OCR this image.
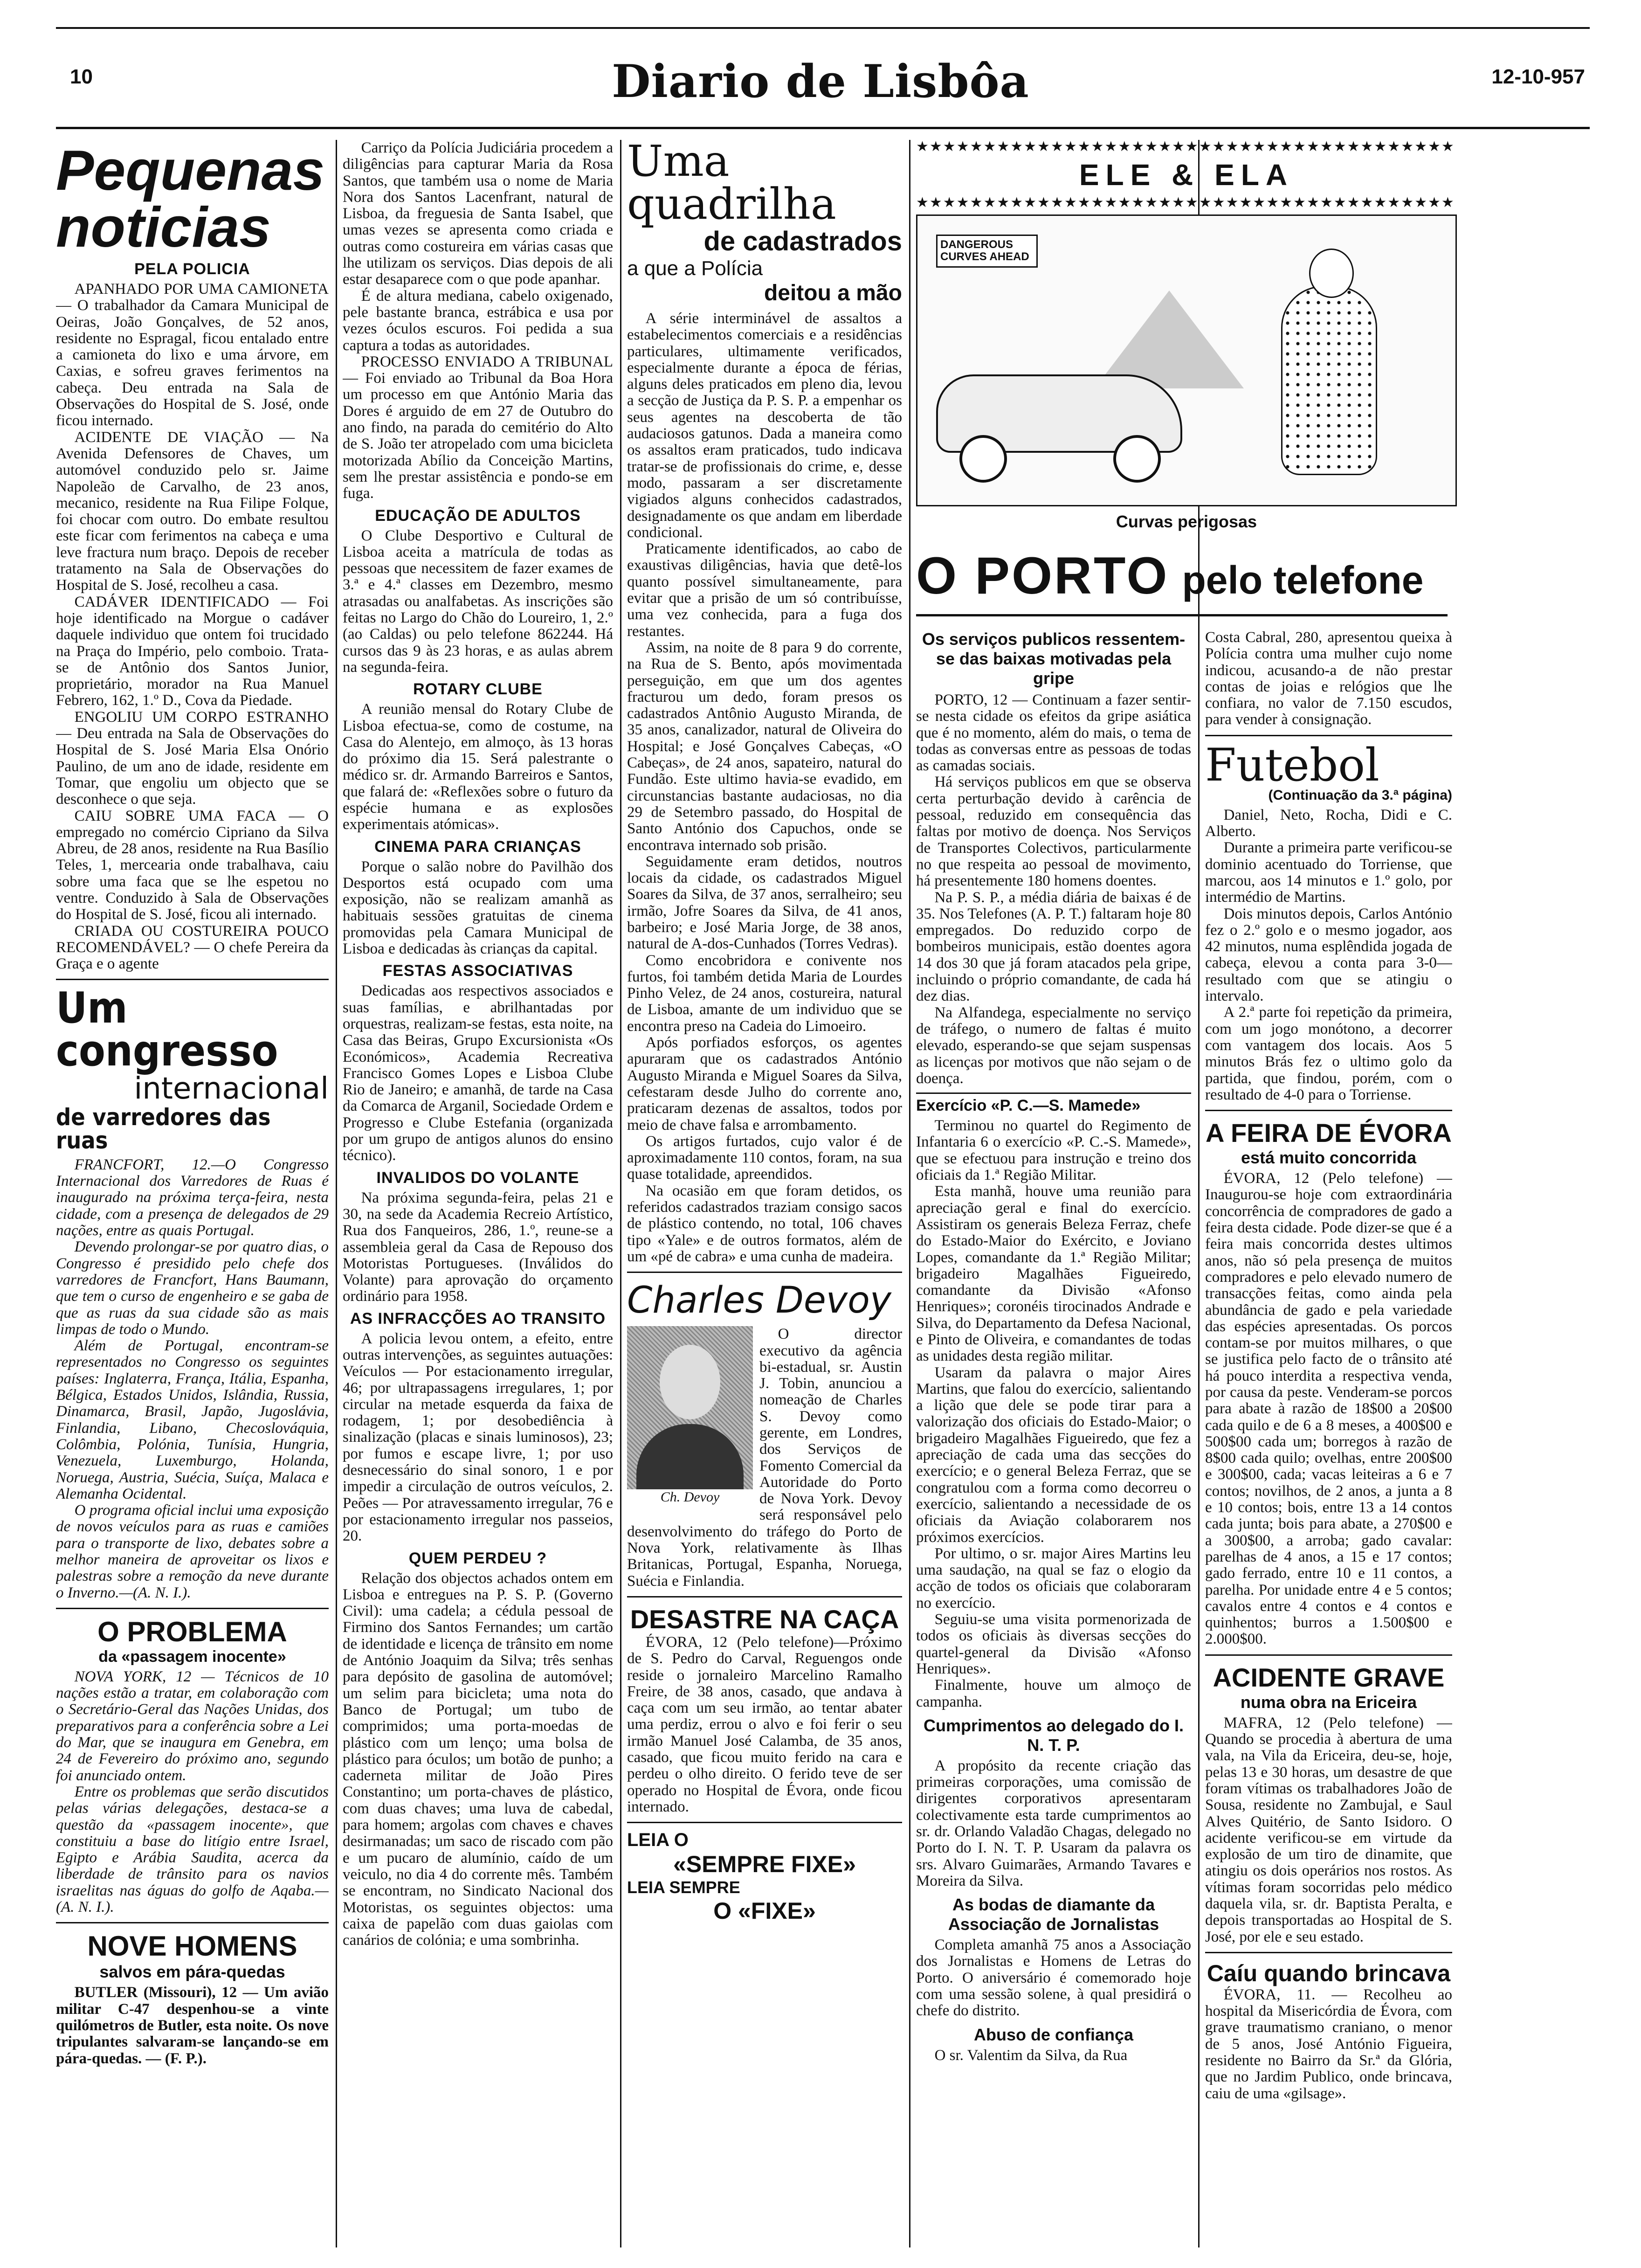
10	Diario de Lisbôa	12-10-957
Pequenas noticias
PELA POLICIA

APANHADO POR UMA CAMIONETA — O trabalhador da Camara Municipal de Oeiras, João Gonçalves, de 52 anos, residente no Espragal, ficou entalado entre a camioneta do lixo e uma árvore, em Caxias, e sofreu graves ferimentos na cabeça. Deu entrada na Sala de Observações do Hospital de S. José, onde ficou internado.

ACIDENTE DE VIAÇÃO — Na Avenida Defensores de Chaves, um automóvel conduzido pelo sr. Jaime Napoleão de Carvalho, de 23 anos, mecanico, residente na Rua Filipe Folque, foi chocar com outro. Do embate resultou este ficar com ferimentos na cabeça e uma leve fractura num braço. Depois de receber tratamento na Sala de Observações do Hospital de S. José, recolheu a casa.

CADÁVER IDENTIFICADO — Foi hoje identificado na Morgue o cadáver daquele individuo que ontem foi trucidado na Praça do Império, pelo comboio. Trata-se de Antônio dos Santos Junior, proprietário, morador na Rua Manuel Febrero, 162, 1.º D., Cova da Piedade.

ENGOLIU UM CORPO ESTRANHO — Deu entrada na Sala de Observações do Hospital de S. José Maria Elsa Onório Paulino, de um ano de idade, residente em Tomar, que engoliu um objecto que se desconhece o que seja.

CAIU SOBRE UMA FACA — O empregado no comércio Cipriano da Silva Abreu, de 28 anos, residente na Rua Basílio Teles, 1, mercearia onde trabalhava, caiu sobre uma faca que se lhe espetou no ventre. Conduzido à Sala de Observações do Hospital de S. José, ficou ali internado.

CRIADA OU COSTUREIRA POUCO RECOMENDÁVEL? — O chefe Pereira da Graça e o agente

Um congresso
internacional
de varredores das ruas

FRANCFORT, 12.—O Congresso Internacional dos Varredores de Ruas é inaugurado na próxima terça-feira, nesta cidade, com a presença de delegados de 29 nações, entre as quais Portugal.

Devendo prolongar-se por quatro dias, o Congresso é presidido pelo chefe dos varredores de Francfort, Hans Baumann, que tem o curso de engenheiro e se gaba de que as ruas da sua cidade são as mais limpas de todo o Mundo.

Além de Portugal, encontram-se representados no Congresso os seguintes países: Inglaterra, França, Itália, Espanha, Bélgica, Estados Unidos, Islândia, Russia, Dinamarca, Brasil, Japão, Jugoslávia, Finlandia, Libano, Checoslováquia, Colômbia, Polónia, Tunísia, Hungria, Venezuela, Luxemburgo, Holanda, Noruega, Austria, Suécia, Suíça, Malaca e Alemanha Ocidental.

O programa oficial inclui uma exposição de novos veículos para as ruas e camiões para o transporte de lixo, debates sobre a melhor maneira de aproveitar os lixos e palestras sobre a remoção da neve durante o Inverno.—(A. N. I.).

O PROBLEMA
da «passagem inocente»

NOVA YORK, 12 — Técnicos de 10 nações estão a tratar, em colaboração com o Secretário-Geral das Nações Unidas, dos preparativos para a conferência sobre a Lei do Mar, que se inaugura em Genebra, em 24 de Fevereiro do próximo ano, segundo foi anunciado ontem.

Entre os problemas que serão discutidos pelas várias delegações, destaca-se a questão da «passagem inocente», que constituiu a base do litígio entre Israel, Egipto e Arábia Saudita, acerca da liberdade de trânsito para os navios israelitas nas águas do golfo de Aqaba.—(A. N. I.).

NOVE HOMENS
salvos em pára-quedas

BUTLER (Missouri), 12 — Um avião militar C-47 despenhou-se a vinte quilómetros de Butler, esta noite. Os nove tripulantes salvaram-se lançando-se em pára-quedas. — (F. P.).

Carriço da Polícia Judiciária procedem a diligências para capturar Maria da Rosa Santos, que também usa o nome de Maria Nora dos Santos Lacenfrant, natural de Lisboa, da freguesia de Santa Isabel, que umas vezes se apresenta como criada e outras como costureira em várias casas que lhe utilizam os serviços. Dias depois de ali estar desaparece com o que pode apanhar.

É de altura mediana, cabelo oxigenado, pele bastante branca, estrábica e usa por vezes óculos escuros. Foi pedida a sua captura a todas as autoridades.

PROCESSO ENVIADO A TRIBUNAL — Foi enviado ao Tribunal da Boa Hora um processo em que António Maria das Dores é arguido de em 27 de Outubro do ano findo, na parada do cemitério do Alto de S. João ter atropelado com uma bicicleta motorizada Abílio da Conceição Martins, sem lhe prestar assistência e pondo-se em fuga.

EDUCAÇÃO DE ADULTOS

O Clube Desportivo e Cultural de Lisboa aceita a matrícula de todas as pessoas que necessitem de fazer exames de 3.ª e 4.ª classes em Dezembro, mesmo atrasadas ou analfabetas. As inscrições são feitas no Largo do Chão do Loureiro, 1, 2.º (ao Caldas) ou pelo telefone 862244. Há cursos das 9 às 23 horas, e as aulas abrem na segunda-feira.

ROTARY CLUBE

A reunião mensal do Rotary Clube de Lisboa efectua-se, como de costume, na Casa do Alentejo, em almoço, às 13 horas do próximo dia 15. Será palestrante o médico sr. dr. Armando Barreiros e Santos, que falará de: «Reflexões sobre o futuro da espécie humana e as explosões experimentais atómicas».

CINEMA PARA CRIANÇAS

Porque o salão nobre do Pavilhão dos Desportos está ocupado com uma exposição, não se realizam amanhã as habituais sessões gratuitas de cinema promovidas pela Camara Municipal de Lisboa e dedicadas às crianças da capital.

FESTAS ASSOCIATIVAS

Dedicadas aos respectivos associados e suas famílias, e abrilhantadas por orquestras, realizam-se festas, esta noite, na Casa das Beiras, Grupo Excursionista «Os Económicos», Academia Recreativa Francisco Gomes Lopes e Lisboa Clube Rio de Janeiro; e amanhã, de tarde na Casa da Comarca de Arganil, Sociedade Ordem e Progresso e Clube Estefania (organizada por um grupo de antigos alunos do ensino técnico).

INVALIDOS DO VOLANTE

Na próxima segunda-feira, pelas 21 e 30, na sede da Academia Recreio Artístico, Rua dos Fanqueiros, 286, 1.º, reune-se a assembleia geral da Casa de Repouso dos Motoristas Portugueses. (Inválidos do Volante) para aprovação do orçamento ordinário para 1958.

AS INFRACÇÕES AO TRANSITO

A policia levou ontem, a efeito, entre outras intervenções, as seguintes autuações: Veículos — Por estacionamento irregular, 46; por ultrapassagens irregulares, 1; por circular na metade esquerda da faixa de rodagem, 1; por desobediência à sinalização (placas e sinais luminosos), 23; por fumos e escape livre, 1; por uso desnecessário do sinal sonoro, 1 e por impedir a circulação de outros veículos, 2. Peões — Por atravessamento irregular, 76 e por estacionamento irregular nos passeios, 20.

QUEM PERDEU ?

Relação dos objectos achados ontem em Lisboa e entregues na P. S. P. (Governo Civil): uma cadela; a cédula pessoal de Firmino dos Santos Fernandes; um cartão de identidade e licença de trânsito em nome de António Joaquim da Silva; três senhas para depósito de gasolina de automóvel; um selim para bicicleta; uma nota do Banco de Portugal; um tubo de comprimidos; uma porta-moedas de plástico com um lenço; uma bolsa de plástico para óculos; um botão de punho; a caderneta militar de João Pires Constantino; um porta-chaves de plástico, com duas chaves; uma luva de cabedal, para homem; argolas com chaves e chaves desirmanadas; um saco de riscado com pão e um pucaro de alumínio, caído de um veiculo, no dia 4 do corrente mês. Também se encontram, no Sindicato Nacional dos Motoristas, os seguintes objectos: uma caixa de papelão com duas gaiolas com canários de colónia; e uma sombrinha.

Uma quadrilha
de cadastrados
a que a Polícia
deitou a mão

A série interminável de assaltos a estabelecimentos comerciais e a residências particulares, ultimamente verificados, especialmente durante a época de férias, alguns deles praticados em pleno dia, levou a secção de Justiça da P. S. P. a empenhar os seus agentes na descoberta de tão audaciosos gatunos. Dada a maneira como os assaltos eram praticados, tudo indicava tratar-se de profissionais do crime, e, desse modo, passaram a ser discretamente vigiados alguns conhecidos cadastrados, designadamente os que andam em liberdade condicional.

Praticamente identificados, ao cabo de exaustivas diligências, havia que detê-los quanto possível simultaneamente, para evitar que a prisão de um só contribuísse, uma vez conhecida, para a fuga dos restantes.

Assim, na noite de 8 para 9 do corrente, na Rua de S. Bento, após movimentada perseguição, em que um dos agentes fracturou um dedo, foram presos os cadastrados Antônio Augusto Miranda, de 35 anos, canalizador, natural de Oliveira do Hospital; e José Gonçalves Cabeças, «O Cabeças», de 24 anos, sapateiro, natural do Fundão. Este ultimo havia-se evadido, em circunstancias bastante audaciosas, no dia 29 de Setembro passado, do Hospital de Santo António dos Capuchos, onde se encontrava internado sob prisão.

Seguidamente eram detidos, noutros locais da cidade, os cadastrados Miguel Soares da Silva, de 37 anos, serralheiro; seu irmão, Jofre Soares da Silva, de 41 anos, barbeiro; e José Maria Jorge, de 38 anos, natural de A-dos-Cunhados (Torres Vedras).

Como encobridora e conivente nos furtos, foi também detida Maria de Lourdes Pinho Velez, de 24 anos, costureira, natural de Lisboa, amante de um individuo que se encontra preso na Cadeia do Limoeiro.

Após porfiados esforços, os agentes apuraram que os cadastrados António Augusto Miranda e Miguel Soares da Silva, cefestaram desde Julho do corrente ano, praticaram dezenas de assaltos, todos por meio de chave falsa e arrombamento.

Os artigos furtados, cujo valor é de aproximadamente 110 contos, foram, na sua quase totalidade, apreendidos.

Na ocasião em que foram detidos, os referidos cadastrados traziam consigo sacos de plástico contendo, no total, 106 chaves tipo «Yale» e de outros formatos, além de um «pé de cabra» e uma cunha de madeira.

Charles Devoy
Ch. Devoy

O director executivo da agência bi-estadual, sr. Austin J. Tobin, anunciou a nomeação de Charles S. Devoy como gerente, em Londres, dos Serviços de Fomento Comercial da Autoridade do Porto de Nova York. Devoy será responsável pelo desenvolvimento do tráfego do Porto de Nova York, relativamente às Ilhas Britanicas, Portugal, Espanha, Noruega, Suécia e Finlandia.

DESASTRE NA CAÇA

ÉVORA, 12 (Pelo telefone)—Próximo de S. Pedro do Carval, Reguengos onde reside o jornaleiro Marcelino Ramalho Freire, de 38 anos, casado, que andava à caça com um seu irmão, ao tentar abater uma perdiz, errou o alvo e foi ferir o seu irmão Manuel José Calamba, de 35 anos, casado, que ficou muito ferido na cara e perdeu o olho direito. O ferido teve de ser operado no Hospital de Évora, onde ficou internado.

LEIA O
«SEMPRE FIXE»
LEIA SEMPRE
O «FIXE»
★★★★★★★★★★★★★★★★★★★★★★★★★★★★★★★★★★★★★★★★
ELE & ELA
★★★★★★★★★★★★★★★★★★★★★★★★★★★★★★★★★★★★★★★★
DANGEROUS CURVES AHEAD
Curvas perigosas
O PORTO pelo telefone
Os serviços publicos ressentem-se das baixas motivadas pela gripe

PORTO, 12 — Continuam a fazer sentir-se nesta cidade os efeitos da gripe asiática que é no momento, além do mais, o tema de todas as conversas entre as pessoas de todas as camadas sociais.

Há serviços publicos em que se observa certa perturbação devido à carência de pessoal, reduzido em consequência das faltas por motivo de doença. Nos Serviços de Transportes Colectivos, particularmente no que respeita ao pessoal de movimento, há presentemente 180 homens doentes.

Na P. S. P., a média diária de baixas é de 35. Nos Telefones (A. P. T.) faltaram hoje 80 empregados. Do reduzido corpo de bombeiros municipais, estão doentes agora 14 dos 30 que já foram atacados pela gripe, incluindo o próprio comandante, de cada há dez dias.

Na Alfandega, especialmente no serviço de tráfego, o numero de faltas é muito elevado, esperando-se que sejam suspensas as licenças por motivos que não sejam o de doença.

Exercício «P. C.—S. Mamede»

Terminou no quartel do Regimento de Infantaria 6 o exercício «P. C.-S. Mamede», que se efectuou para instrução e treino dos oficiais da 1.ª Região Militar.

Esta manhã, houve uma reunião para apreciação geral e final do exercício. Assistiram os generais Beleza Ferraz, chefe do Estado-Maior do Exército, e Joviano Lopes, comandante da 1.ª Região Militar; brigadeiro Magalhães Figueiredo, comandante da Divisão «Afonso Henriques»; coronéis tirocinados Andrade e Silva, do Departamento da Defesa Nacional, e Pinto de Oliveira, e comandantes de todas as unidades desta região militar.

Usaram da palavra o major Aires Martins, que falou do exercício, salientando a lição que dele se pode tirar para a valorização dos oficiais do Estado-Maior; o brigadeiro Magalhães Figueiredo, que fez a apreciação de cada uma das secções do exercício; e o general Beleza Ferraz, que se congratulou com a forma como decorreu o exercício, salientando a necessidade de os oficiais da Aviação colaborarem nos próximos exercícios.

Por ultimo, o sr. major Aires Martins leu uma saudação, na qual se faz o elogio da acção de todos os oficiais que colaboraram no exercício.

Seguiu-se uma visita pormenorizada de todos os oficiais às diversas secções do quartel-general da Divisão «Afonso Henriques».

Finalmente, houve um almoço de campanha.

Cumprimentos ao delegado do I. N. T. P.

A propósito da recente criação das primeiras corporações, uma comissão de dirigentes corporativos apresentaram colectivamente esta tarde cumprimentos ao sr. dr. Orlando Valadão Chagas, delegado no Porto do I. N. T. P. Usaram da palavra os srs. Alvaro Guimarães, Armando Tavares e Moreira da Silva.

As bodas de diamante da Associação de Jornalistas

Completa amanhã 75 anos a Associação dos Jornalistas e Homens de Letras do Porto. O aniversário é comemorado hoje com uma sessão solene, à qual presidirá o chefe do distrito.

Abuso de confiança

O sr. Valentim da Silva, da Rua

Costa Cabral, 280, apresentou queixa à Polícia contra uma mulher cujo nome indicou, acusando-a de não prestar contas de joias e relógios que lhe confiara, no valor de 7.150 escudos, para vender à consignação.

Futebol
(Continuação da 3.ª página)

Daniel, Neto, Rocha, Didi e C. Alberto.

Durante a primeira parte verificou-se dominio acentuado do Torriense, que marcou, aos 14 minutos e 1.º golo, por intermédio de Martins.

Dois minutos depois, Carlos António fez o 2.º golo e o mesmo jogador, aos 42 minutos, numa esplêndida jogada de cabeça, elevou a conta para 3-0—resultado com que se atingiu o intervalo.

A 2.ª parte foi repetição da primeira, com um jogo monótono, a decorrer com vantagem dos locais. Aos 5 minutos Brás fez o ultimo golo da partida, que findou, porém, com o resultado de 4-0 para o Torriense.

A FEIRA DE ÉVORA
está muito concorrida

ÉVORA, 12 (Pelo telefone) — Inaugurou-se hoje com extraordinária concorrência de compradores de gado a feira desta cidade. Pode dizer-se que é a feira mais concorrida destes ultimos anos, não só pela presença de muitos compradores e pelo elevado numero de transacções feitas, como ainda pela abundância de gado e pela variedade das espécies apresentadas. Os porcos contam-se por muitos milhares, o que se justifica pelo facto de o trânsito até há pouco interdita a respectiva venda, por causa da peste. Venderam-se porcos para abate à razão de 18$00 a 20$00 cada quilo e de 6 a 8 meses, a 400$00 e 500$00 cada um; borregos à razão de 8$00 cada quilo; ovelhas, entre 200$00 e 300$00, cada; vacas leiteiras a 6 e 7 contos; novilhos, de 2 anos, a junta a 8 e 10 contos; bois, entre 13 a 14 contos cada junta; bois para abate, a 270$00 e a 300$00, a arroba; gado cavalar: parelhas de 4 anos, a 15 e 17 contos; gado ferrado, entre 10 e 11 contos, a parelha. Por unidade entre 4 e 5 contos; cavalos entre 4 contos e 4 contos e quinhentos; burros a 1.500$00 e 2.000$00.

ACIDENTE GRAVE
numa obra na Ericeira

MAFRA, 12 (Pelo telefone) — Quando se procedia à abertura de uma vala, na Vila da Ericeira, deu-se, hoje, pelas 13 e 30 horas, um desastre de que foram vítimas os trabalhadores João de Sousa, residente no Zambujal, e Saul Alves Quitério, de Santo Isidoro. O acidente verificou-se em virtude da explosão de um tiro de dinamite, que atingiu os dois operários nos rostos. As vítimas foram socorridas pelo médico daquela vila, sr. dr. Baptista Peralta, e depois transportadas ao Hospital de S. José, por ele e seu estado.

Caíu quando brincava

ÉVORA, 11. — Recolheu ao hospital da Misericórdia de Évora, com grave traumatismo craniano, o menor de 5 anos, José António Figueira, residente no Bairro da Sr.ª da Glória, que no Jardim Publico, onde brincava, caiu de uma «gilsage».
